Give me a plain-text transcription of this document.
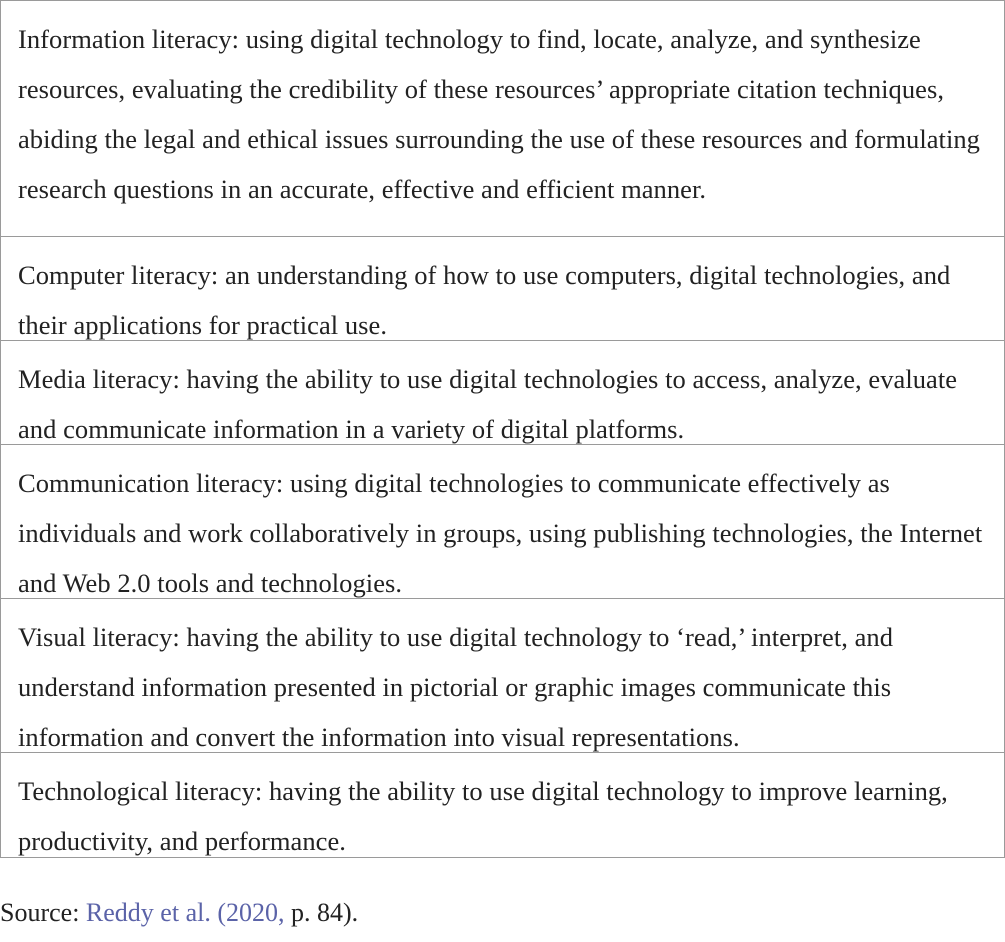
Information literacy: using digital technology to find, locate, analyze, and synthesize resources, evaluating the credibility of these resources’ appropriate citation techniques, abiding the legal and ethical issues surrounding the use of these resources and formulating research questions in an accurate, effective and efficient manner.

Computer literacy: an understanding of how to use computers, digital technologies, and their applications for practical use.

Media literacy: having the ability to use digital technologies to access, analyze, evaluate and communicate information in a variety of digital platforms.

Communication literacy: using digital technologies to communicate effectively as individuals and work collaboratively in groups, using publishing technologies, the Internet and Web 2.0 tools and technologies.

Visual literacy: having the ability to use digital technology to ‘read,’ interpret, and understand information presented in pictorial or graphic images communicate this information and convert the information into visual representations.

Technological literacy: having the ability to use digital technology to improve learning, productivity, and performance.

Source: Reddy et al. (2020, p. 84).
